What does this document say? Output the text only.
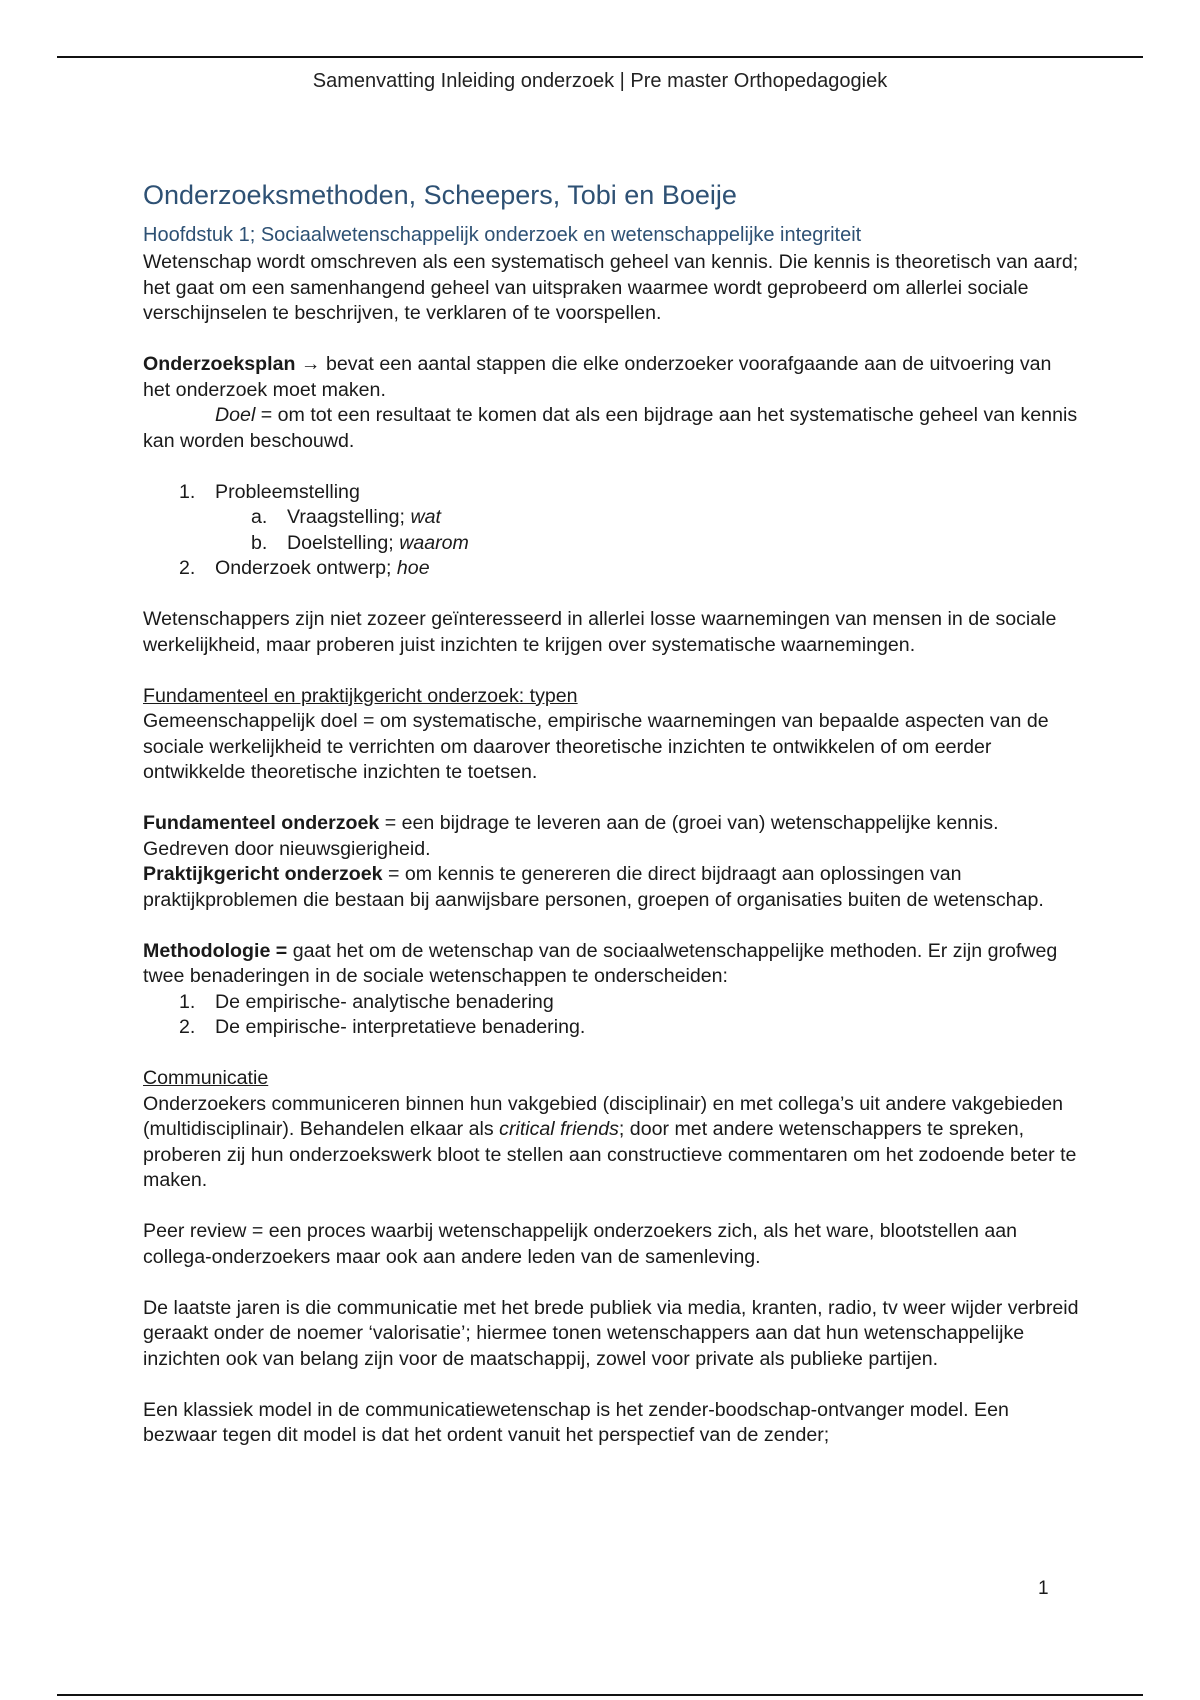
Samenvatting Inleiding onderzoek | Pre master Orthopedagogiek
Onderzoeksmethoden, Scheepers, Tobi en Boeije
Hoofdstuk 1; Sociaalwetenschappelijk onderzoek en wetenschappelijke integriteit

Wetenschap wordt omschreven als een systematisch geheel van kennis. Die kennis is theoretisch van aard; het gaat om een samenhangend geheel van uitspraken waarmee wordt geprobeerd om allerlei sociale verschijnselen te beschrijven, te verklaren of te voorspellen.

Onderzoeksplan → bevat een aantal stappen die elke onderzoeker voorafgaande aan de uitvoering van het onderzoek moet maken.

Doel = om tot een resultaat te komen dat als een bijdrage aan het systematische geheel van kennis kan worden beschouwd.

1. Probleemstelling
a. Vraagstelling; wat
b. Doelstelling; waarom
2. Onderzoek ontwerp; hoe

Wetenschappers zijn niet zozeer geïnteresseerd in allerlei losse waarnemingen van mensen in de sociale werkelijkheid, maar proberen juist inzichten te krijgen over systematische waarnemingen.

Fundamenteel en praktijkgericht onderzoek: typen

Gemeenschappelijk doel = om systematische, empirische waarnemingen van bepaalde aspecten van de sociale werkelijkheid te verrichten om daarover theoretische inzichten te ontwikkelen of om eerder ontwikkelde theoretische inzichten te toetsen.

Fundamenteel onderzoek = een bijdrage te leveren aan de (groei van) wetenschappelijke kennis. Gedreven door nieuwsgierigheid.

Praktijkgericht onderzoek = om kennis te genereren die direct bijdraagt aan oplossingen van praktijkproblemen die bestaan bij aanwijsbare personen, groepen of organisaties buiten de wetenschap.

Methodologie = gaat het om de wetenschap van de sociaalwetenschappelijke methoden. Er zijn grofweg twee benaderingen in de sociale wetenschappen te onderscheiden:

1. De empirische- analytische benadering
2. De empirische- interpretatieve benadering.

Communicatie

Onderzoekers communiceren binnen hun vakgebied (disciplinair) en met collega’s uit andere vakgebieden (multidisciplinair). Behandelen elkaar als critical friends; door met andere wetenschappers te spreken, proberen zij hun onderzoekswerk bloot te stellen aan constructieve commentaren om het zodoende beter te maken.

Peer review = een proces waarbij wetenschappelijk onderzoekers zich, als het ware, blootstellen aan collega-onderzoekers maar ook aan andere leden van de samenleving.

De laatste jaren is die communicatie met het brede publiek via media, kranten, radio, tv weer wijder verbreid geraakt onder de noemer ‘valorisatie’; hiermee tonen wetenschappers aan dat hun wetenschappelijke inzichten ook van belang zijn voor de maatschappij, zowel voor private als publieke partijen.

Een klassiek model in de communicatiewetenschap is het zender-boodschap-ontvanger model. Een bezwaar tegen dit model is dat het ordent vanuit het perspectief van de zender;

1
